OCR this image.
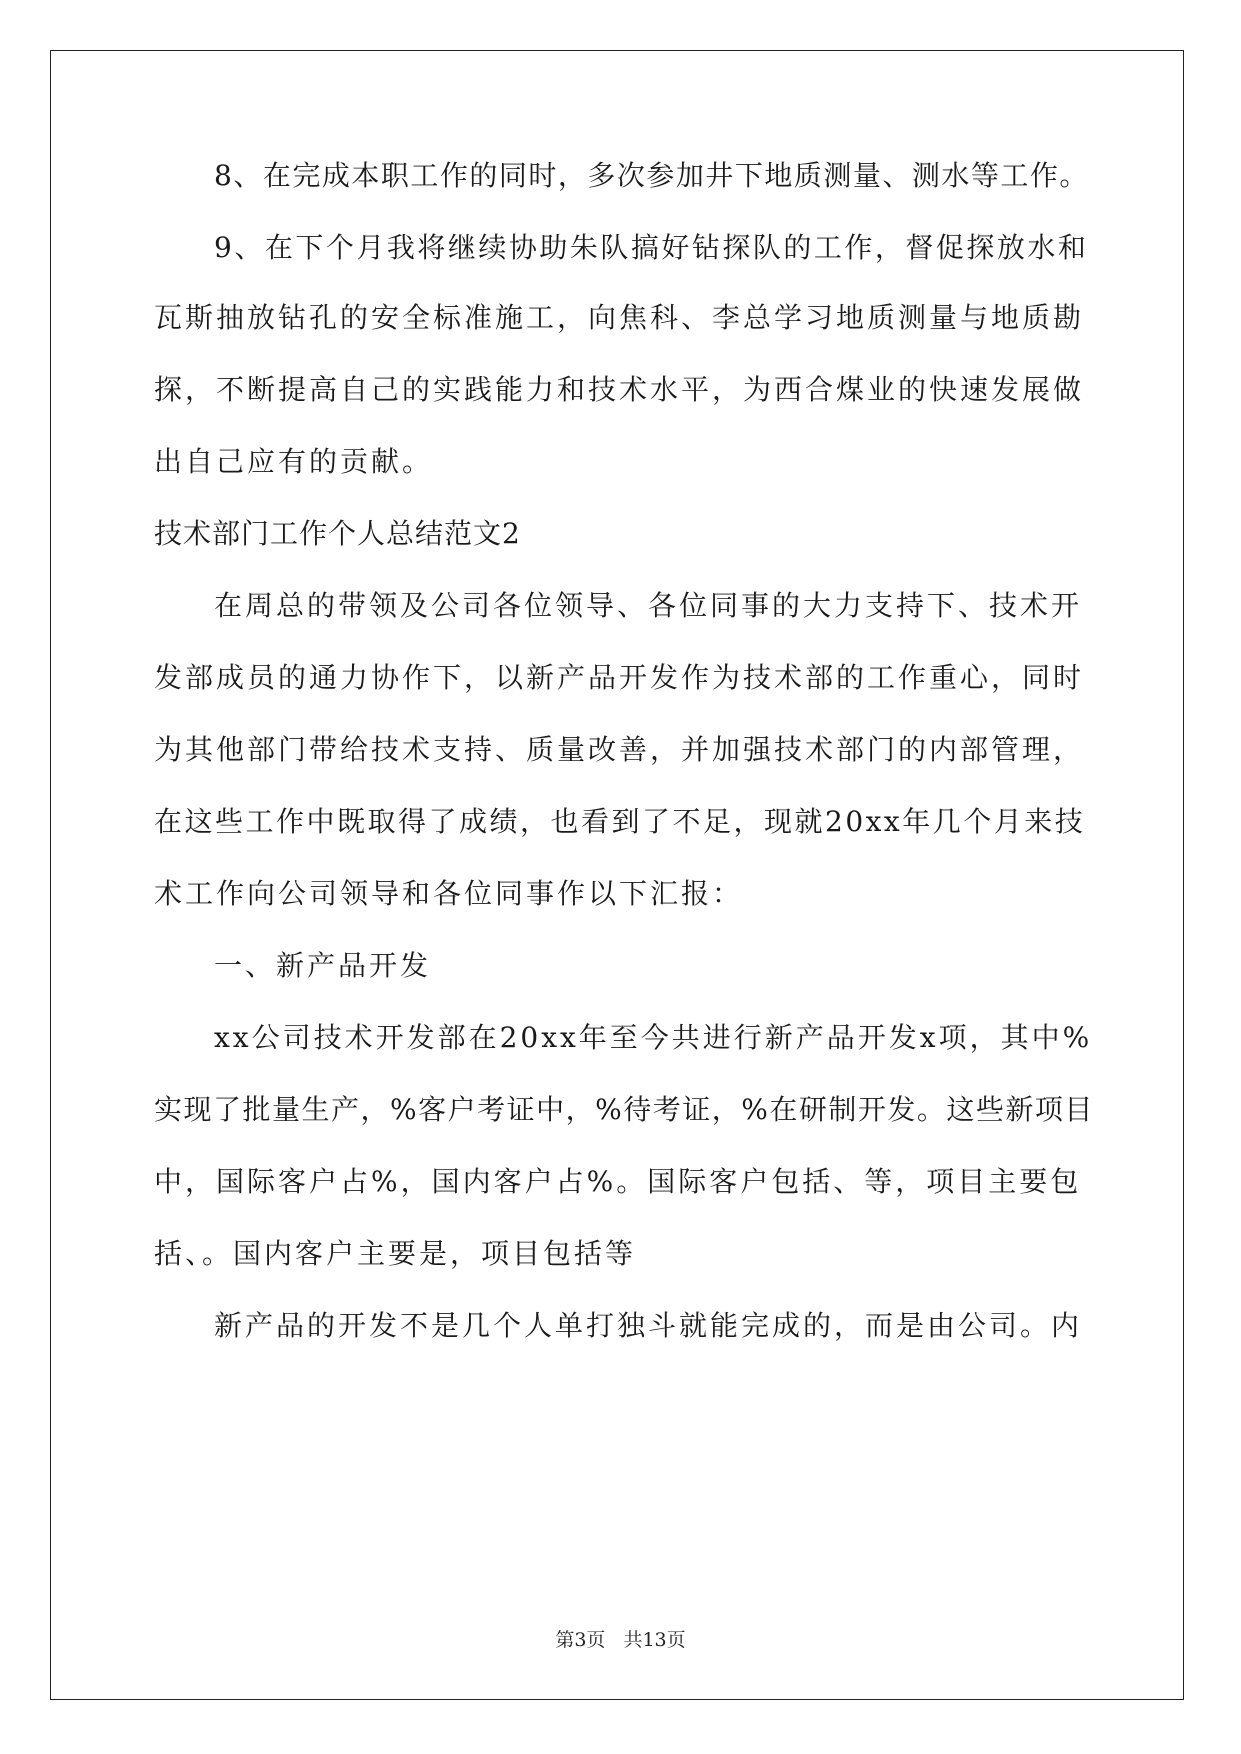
8、在完成本职工作的同时，多次参加井下地质测量、测水等工作。
9、在下个月我将继续协助朱队搞好钻探队的工作，督促探放水和
瓦斯抽放钻孔的安全标准施工，向焦科、李总学习地质测量与地质勘
探，不断提高自己的实践能力和技术水平，为西合煤业的快速发展做
出自己应有的贡献。
技术部门工作个人总结范文2
在周总的带领及公司各位领导、各位同事的大力支持下、技术开
发部成员的通力协作下，以新产品开发作为技术部的工作重心，同时
为其他部门带给技术支持、质量改善，并加强技术部门的内部管理，
在这些工作中既取得了成绩，也看到了不足，现就20xx年几个月来技
术工作向公司领导和各位同事作以下汇报：
一、新产品开发
xx公司技术开发部在20xx年至今共进行新产品开发x项，其中%
实现了批量生产，%客户考证中，%待考证，%在研制开发。这些新项目
中，国际客户占%，国内客户占%。国际客户包括、等，项目主要包
括、。国内客户主要是，项目包括等
新产品的开发不是几个人单打独斗就能完成的，而是由公司。内
第3页 共13页
